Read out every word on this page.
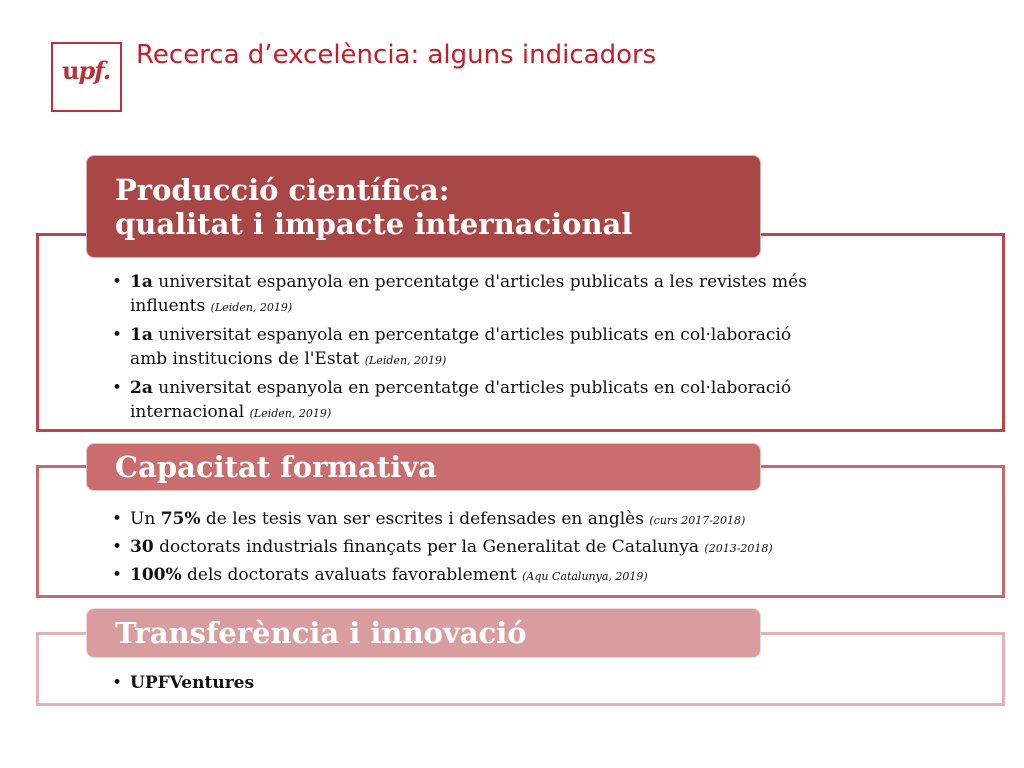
upf.
Recerca d’excelència: alguns indicadors
Producció científica:
qualitat i impacte internacional
• 1a universitat espanyola en percentatge d'articles publicats a les revistes més
influents (Leiden, 2019)
• 1a universitat espanyola en percentatge d'articles publicats en col·laboració
amb institucions de l'Estat (Leiden, 2019)
• 2a universitat espanyola en percentatge d'articles publicats en col·laboració
internacional (Leiden, 2019)
Capacitat formativa
• Un 75% de les tesis van ser escrites i defensades en anglès (curs 2017-2018)
• 30 doctorats industrials finançats per la Generalitat de Catalunya (2013-2018)
• 100% dels doctorats avaluats favorablement (Aqu Catalunya, 2019)
Transferència i innovació
• UPFVentures
